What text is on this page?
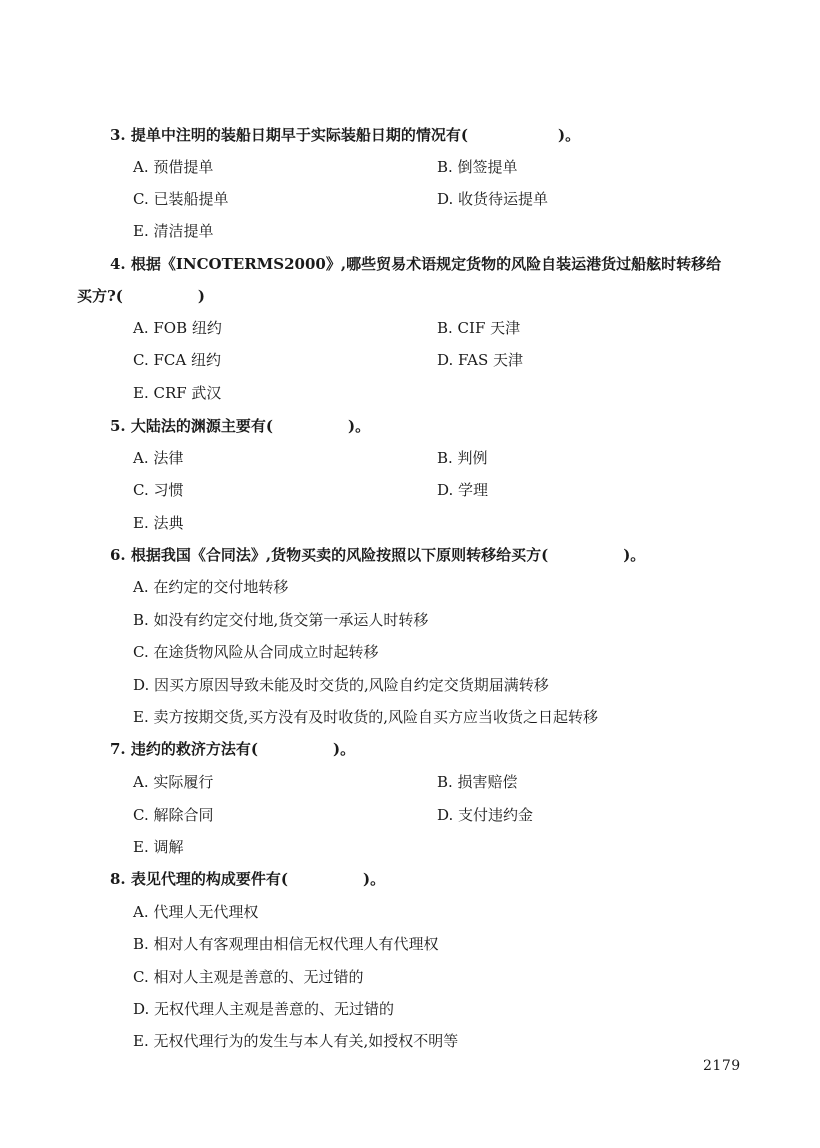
3. 提单中注明的装船日期早于实际装船日期的情况有(　　　　　　)。
A. 预借提单	B. 倒签提单
C. 已装船提单	D. 收货待运提单
E. 清洁提单
4. 根据《INCOTERMS2000》,哪些贸易术语规定货物的风险自装运港货过船舷时转移给
买方?(　　　　　)
A. FOB 纽约	B. CIF 天津
C. FCA 纽约	D. FAS 天津
E. CRF 武汉
5. 大陆法的渊源主要有(　　　　　)。
A. 法律	B. 判例
C. 习惯	D. 学理
E. 法典
6. 根据我国《合同法》,货物买卖的风险按照以下原则转移给买方(　　　　　)。
A. 在约定的交付地转移
B. 如没有约定交付地,货交第一承运人时转移
C. 在途货物风险从合同成立时起转移
D. 因买方原因导致未能及时交货的,风险自约定交货期届满转移
E. 卖方按期交货,买方没有及时收货的,风险自买方应当收货之日起转移
7. 违约的救济方法有(　　　　　)。
A. 实际履行	B. 损害赔偿
C. 解除合同	D. 支付违约金
E. 调解
8. 表见代理的构成要件有(　　　　　)。
A. 代理人无代理权
B. 相对人有客观理由相信无权代理人有代理权
C. 相对人主观是善意的、无过错的
D. 无权代理人主观是善意的、无过错的
E. 无权代理行为的发生与本人有关,如授权不明等
2179
